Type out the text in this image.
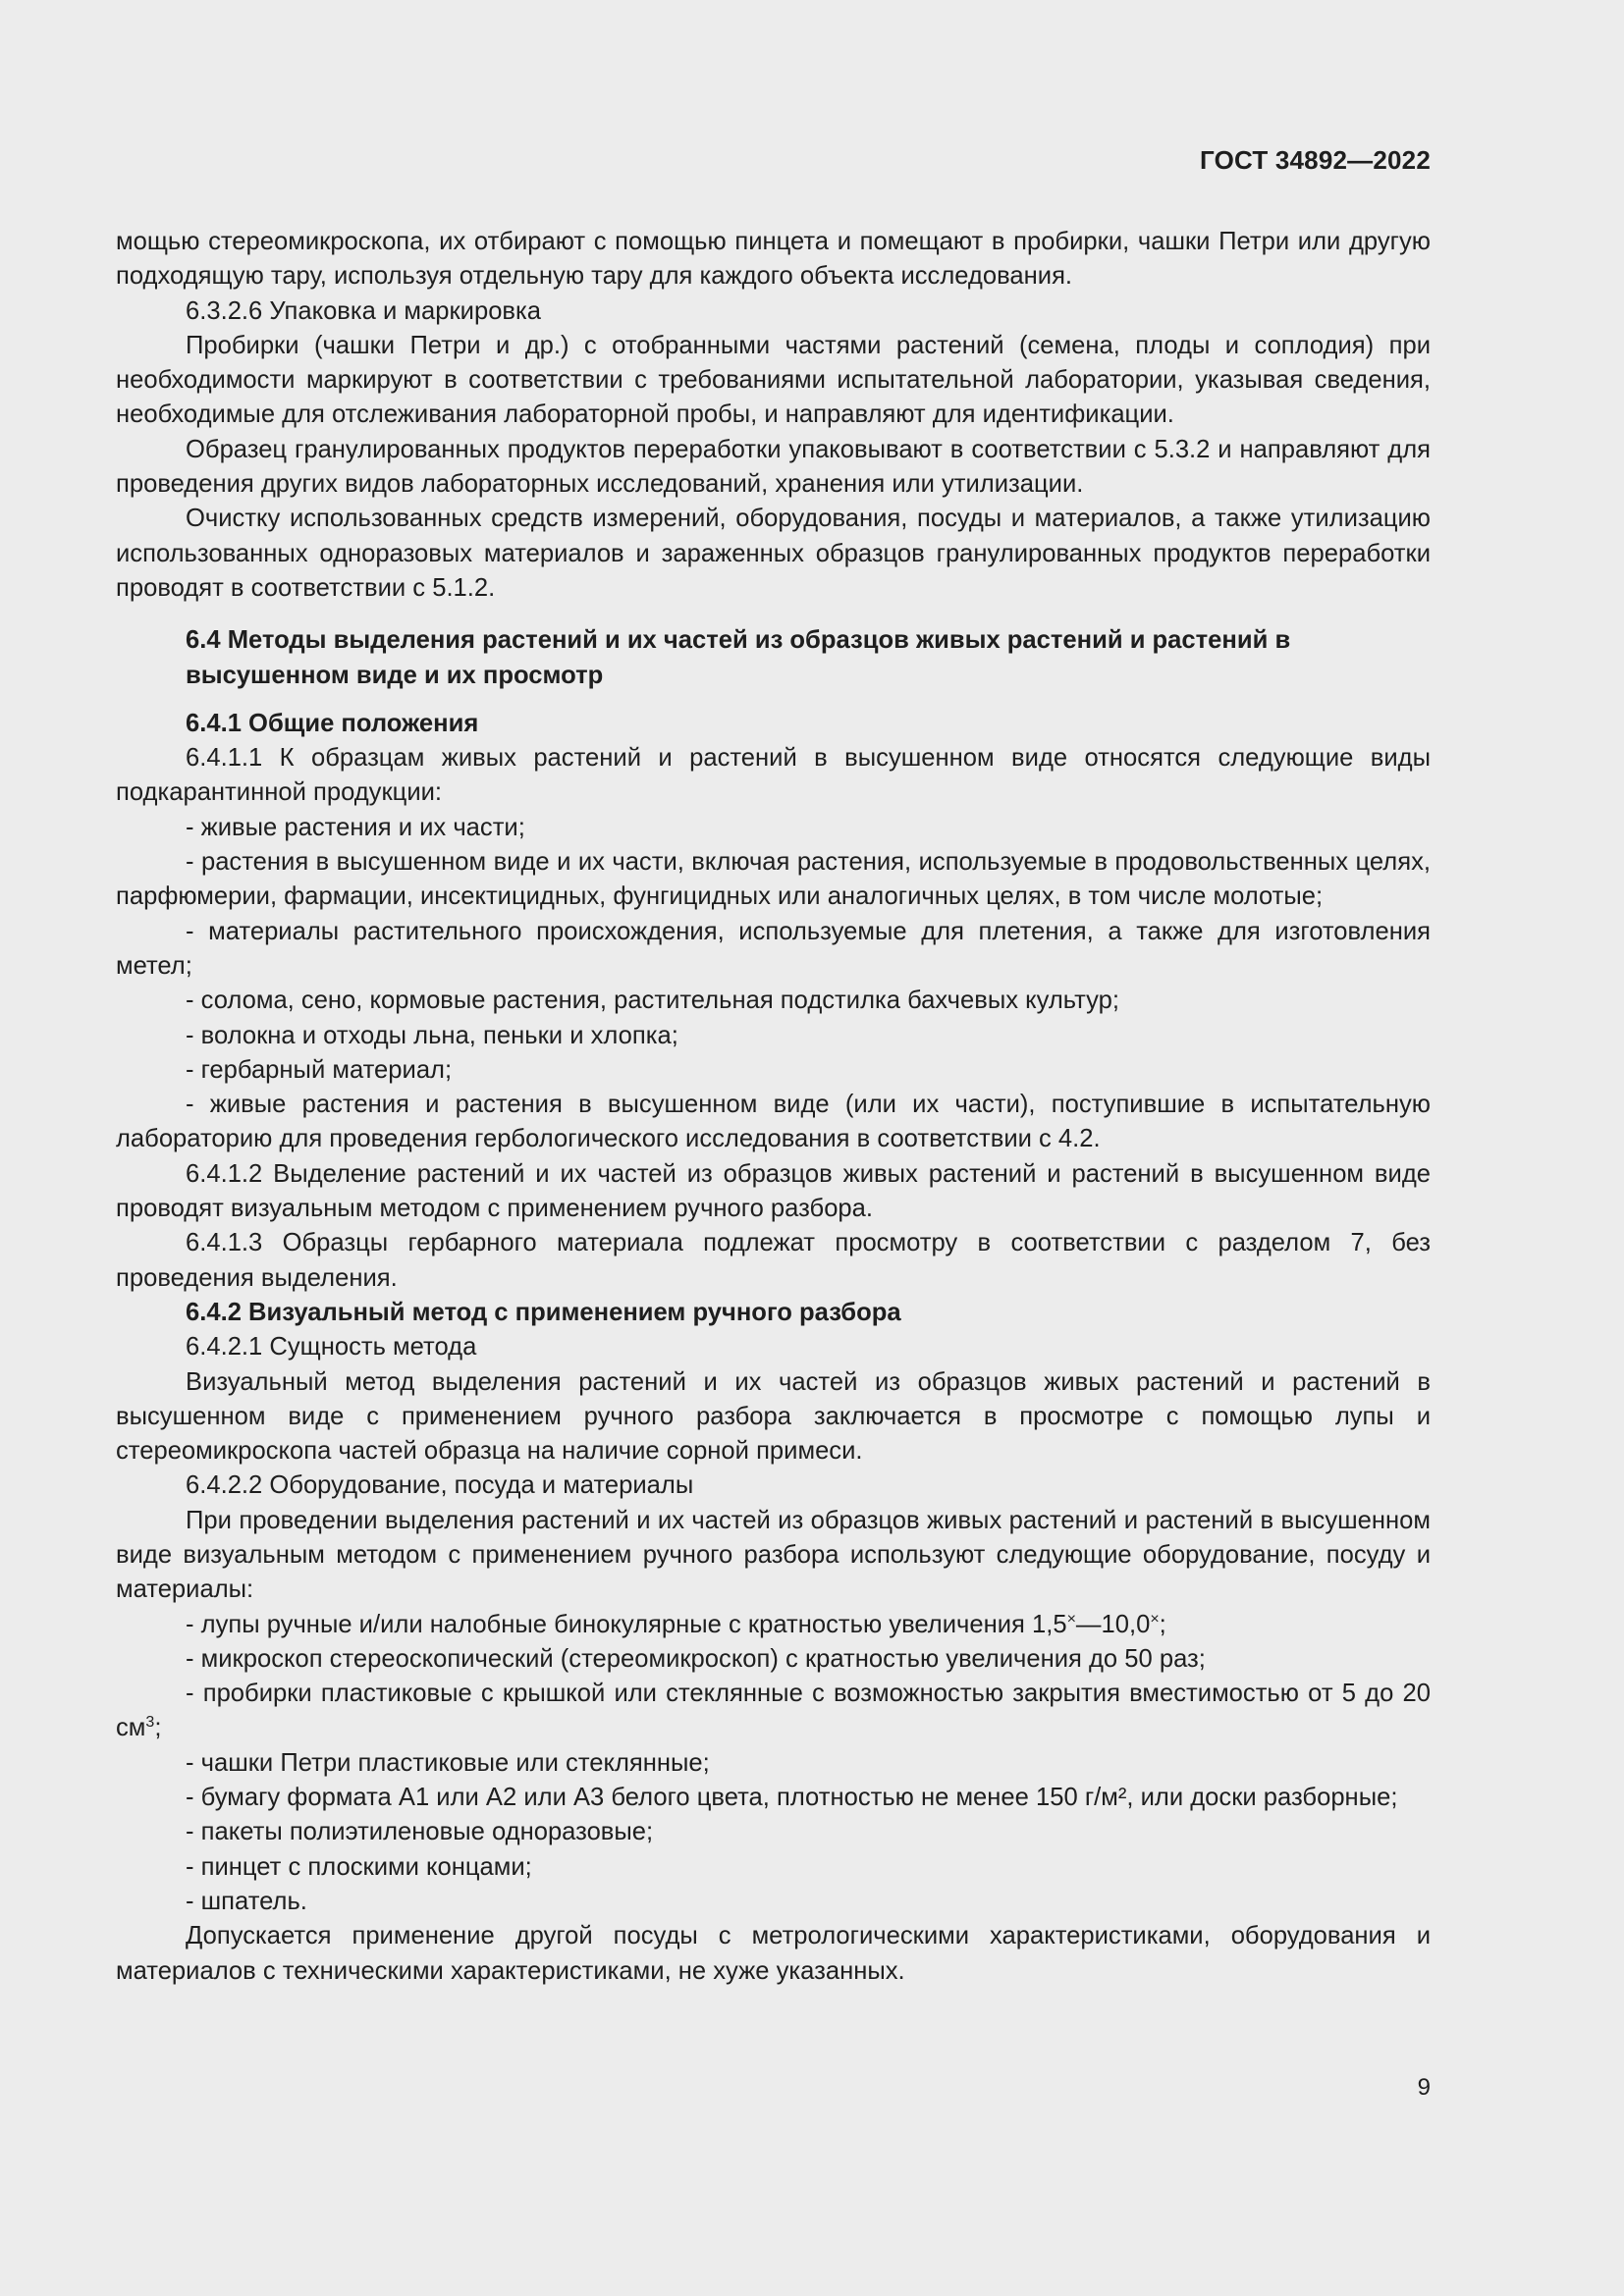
ГОСТ 34892—2022

мощью стереомикроскопа, их отбирают с помощью пинцета и помещают в пробирки, чашки Петри или другую подходящую тару, используя отдельную тару для каждого объекта исследования.

6.3.2.6 Упаковка и маркировка

Пробирки (чашки Петри и др.) с отобранными частями растений (семена, плоды и соплодия) при необходимости маркируют в соответствии с требованиями испытательной лаборатории, указывая сведения, необходимые для отслеживания лабораторной пробы, и направляют для идентификации.

Образец гранулированных продуктов переработки упаковывают в соответствии с 5.3.2 и направляют для проведения других видов лабораторных исследований, хранения или утилизации.

Очистку использованных средств измерений, оборудования, посуды и материалов, а также утилизацию использованных одноразовых материалов и зараженных образцов гранулированных продуктов переработки проводят в соответствии с 5.1.2.

6.4 Методы выделения растений и их частей из образцов живых растений и растений в высушенном виде и их просмотр

6.4.1 Общие положения

6.4.1.1 К образцам живых растений и растений в высушенном виде относятся следующие виды подкарантинной продукции:

- живые растения и их части;

- растения в высушенном виде и их части, включая растения, используемые в продовольственных целях, парфюмерии, фармации, инсектицидных, фунгицидных или аналогичных целях, в том числе молотые;

- материалы растительного происхождения, используемые для плетения, а также для изготовления метел;

- солома, сено, кормовые растения, растительная подстилка бахчевых культур;

- волокна и отходы льна, пеньки и хлопка;

- гербарный материал;

- живые растения и растения в высушенном виде (или их части), поступившие в испытательную лабораторию для проведения гербологического исследования в соответствии с 4.2.

6.4.1.2 Выделение растений и их частей из образцов живых растений и растений в высушенном виде проводят визуальным методом с применением ручного разбора.

6.4.1.3 Образцы гербарного материала подлежат просмотру в соответствии с разделом 7, без проведения выделения.

6.4.2 Визуальный метод с применением ручного разбора

6.4.2.1 Сущность метода

Визуальный метод выделения растений и их частей из образцов живых растений и растений в высушенном виде с применением ручного разбора заключается в просмотре с помощью лупы и стереомикроскопа частей образца на наличие сорной примеси.

6.4.2.2 Оборудование, посуда и материалы

При проведении выделения растений и их частей из образцов живых растений и растений в высушенном виде визуальным методом с применением ручного разбора используют следующие оборудование, посуду и материалы:

- лупы ручные и/или налобные бинокулярные с кратностью увеличения 1,5×—10,0×;

- микроскоп стереоскопический (стереомикроскоп) с кратностью увеличения до 50 раз;

- пробирки пластиковые с крышкой или стеклянные с возможностью закрытия вместимостью от 5 до 20 $см^3$;

- чашки Петри пластиковые или стеклянные;

- бумагу формата А1 или А2 или А3 белого цвета, плотностью не менее 150 г/м², или доски разборные;

- пакеты полиэтиленовые одноразовые;

- пинцет с плоскими концами;

- шпатель.

Допускается применение другой посуды с метрологическими характеристиками, оборудования и материалов с техническими характеристиками, не хуже указанных.

9
